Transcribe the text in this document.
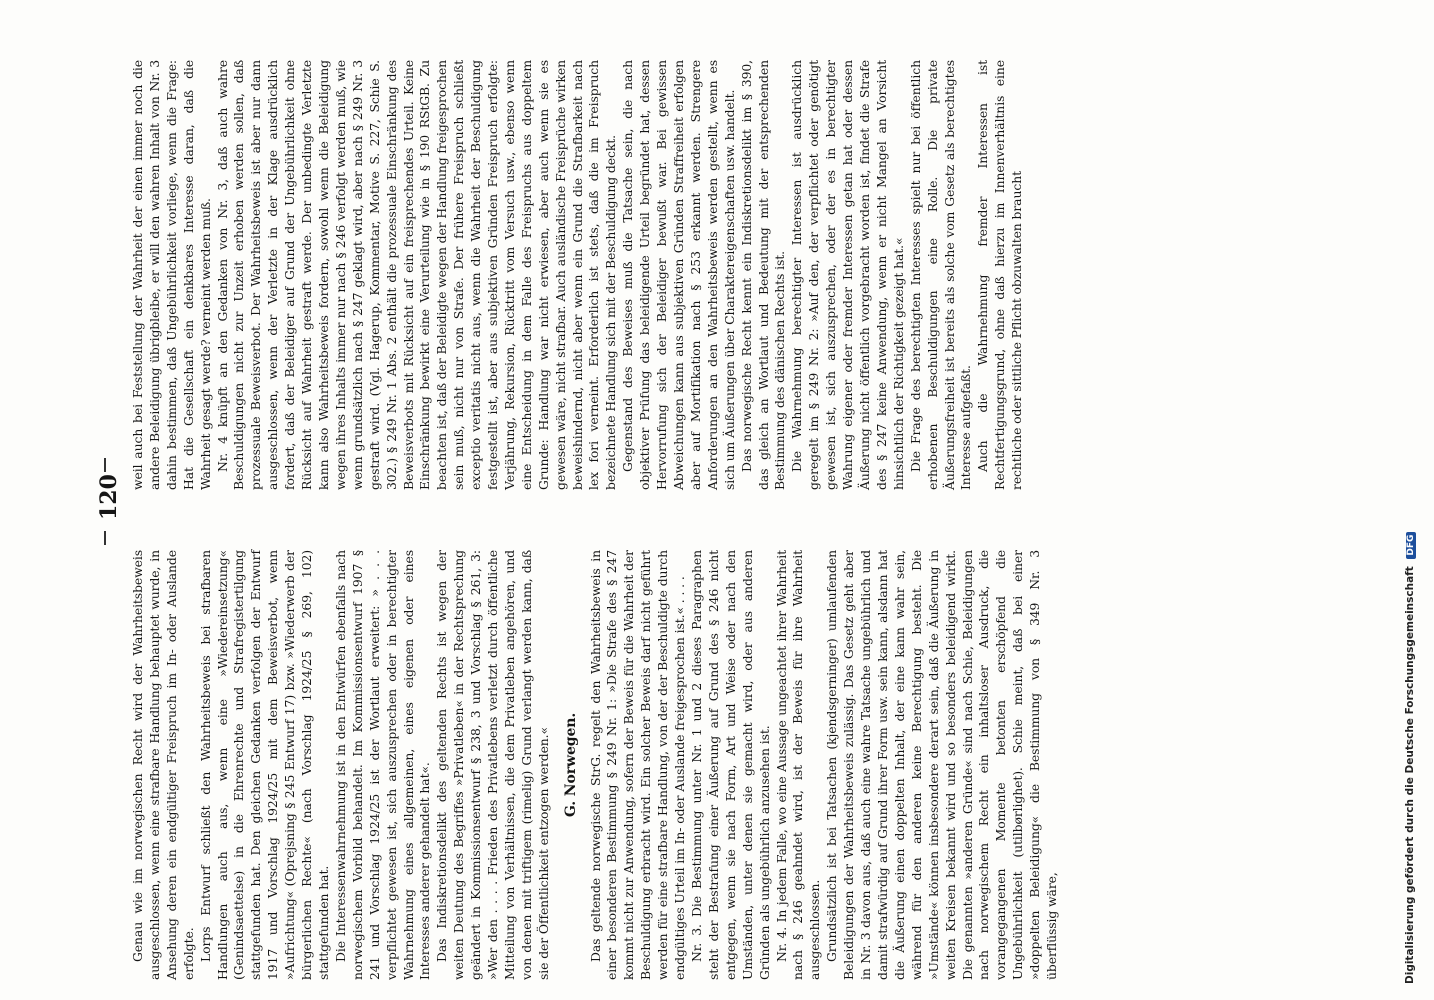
120

Genau wie im norwegischen Recht wird der Wahrheitsbeweis ausgeschlossen, wenn eine strafbare Handlung behauptet wurde, in Ansehung deren ein endgültiger Freispruch im In- oder Auslande erfolgte. Lorps Entwurf schließt den Wahrheitsbeweis bei strafbaren Handlungen auch aus, wenn eine »Wiedereinsetzung« (Genindsaettelse) in die Ehrenrechte und Strafregistertilgung stattgefunden hat. Den gleichen Gedanken verfolgen der Entwurf 1917 und Vorschlag 1924/25 mit dem Beweisverbot, wenn »Aufrichtung« (Oprejsning § 245 Entwurf 17) bzw. »Wiederwerb der bürgerlichen Rechte« (nach Vorschlag 1924/25 § 269, 102) stattgefunden hat. Die Interessenwahrnehmung ist in den Entwürfen ebenfalls nach norwegischem Vorbild behandelt. Im Kommissionsentwurf 1907 § 241 und Vorschlag 1924/25 ist der Wortlaut erweitert: » . . . verpflichtet gewesen ist, sich auszusprechen oder in berechtigter Wahrnehmung eines allgemeinen, eines eigenen oder eines Interesses anderer gehandelt hat«. Das Indiskretionsdelikt des geltenden Rechts ist wegen der weiten Deutung des Begriffes »Privatleben« in der Rechtsprechung geändert in Kommissionsentwurf § 238, 3 und Vorschlag § 261, 3: »Wer den . . . . Frieden des Privatlebens verletzt durch öffentliche Mitteilung von Verhältnissen, die dem Privatleben angehören, und von denen mit triftigem (rimelig) Grund verlangt werden kann, daß sie der Öffentlichkeit entzogen werden.« G. Norwegen. Das geltende norwegische StrG. regelt den Wahrheitsbeweis in einer besonderen Bestimmung § 249 Nr. 1: »Die Strafe des § 247 kommt nicht zur Anwendung, sofern der Beweis für die Wahrheit der Beschuldigung erbracht wird. Ein solcher Beweis darf nicht geführt werden für eine strafbare Handlung, von der der Beschuldigte durch endgültiges Urteil im In- oder Auslande freigesprochen ist.« . . . . Nr. 3. Die Bestimmung unter Nr. 1 und 2 dieses Paragraphen steht der Bestrafung einer Äußerung auf Grund des § 246 nicht entgegen, wenn sie nach Form, Art und Weise oder nach den Umständen, unter denen sie gemacht wird, oder aus anderen Gründen als ungebührlich anzusehen ist. Nr. 4. In jedem Falle, wo eine Aussage ungeachtet ihrer Wahrheit nach § 246 geahndet wird, ist der Beweis für ihre Wahrheit ausgeschlossen. Grundsätzlich ist bei Tatsachen (kjendsgerninger) umlaufenden Beleidigungen der Wahrheitsbeweis zulässig. Das Gesetz geht aber in Nr. 3 davon aus, daß auch eine wahre Tatsache ungebührlich und damit strafwürdig auf Grund ihrer Form usw. sein kann, alsdann hat die Äußerung einen doppelten Inhalt, der eine kann wahr sein, während für den anderen keine Berechtigung besteht. Die »Umstände« können insbesondere derart sein, daß die Äußerung in weiten Kreisen bekannt wird und so besonders beleidigend wirkt. Die genannten »anderen Gründe« sind nach Schie, Beleidigungen nach norwegischem Recht ein inhaltsloser Ausdruck, die vorangegangenen Momente betonten erschöpfend die Ungebührlichkeit (utilbørlighet). Schie meint, daß bei einer »doppelten Beleidigung« die Bestimmung von § 349 Nr. 3 überflüssig wäre,

weil auch bei Feststellung der Wahrheit der einen immer noch die andere Beleidigung übrigbleibe, er will den wahren Inhalt von Nr. 3 dahin bestimmen, daß Ungebührlichkeit vorliege, wenn die Frage: Hat die Gesellschaft ein denkbares Interesse daran, daß die Wahrheit gesagt werde? verneint werden muß. Nr. 4 knüpft an den Gedanken von Nr. 3, daß auch wahre Beschuldigungen nicht zur Unzeit erhoben werden sollen, daß prozessuale Beweisverbot. Der Wahrheitsbeweis ist aber nur dann ausgeschlossen, wenn der Verletzte in der Klage ausdrücklich fordert, daß der Beleidiger auf Grund der Ungebührlichkeit ohne Rücksicht auf Wahrheit gestraft werde. Der unbedingte Verletzte kann also Wahrheitsbeweis fordern, sowohl wenn die Beleidigung wegen ihres Inhalts immer nur nach § 246 verfolgt werden muß, wie wenn grundsätzlich nach § 247 geklagt wird, aber nach § 249 Nr. 3 gestraft wird. (Vgl. Hagerup, Kommentar, Motive S. 227, Schie S. 302.) § 249 Nr. 1 Abs. 2 enthält die prozessuale Einschränkung des Beweisverbots mit Rücksicht auf ein freisprechendes Urteil. Keine Einschränkung bewirkt eine Verurteilung wie in § 190 RStGB. Zu beachten ist, daß der Beleidigte wegen der Handlung freigesprochen sein muß, nicht nur von Strafe. Der frühere Freispruch schließt exceptio veritatis nicht aus, wenn die Wahrheit der Beschuldigung festgestellt ist, aber aus subjektiven Gründen Freispruch erfolgte: Verjährung, Rekursion, Rücktritt vom Versuch usw., ebenso wenn eine Entscheidung in dem Falle des Freispruchs aus doppeltem Grunde: Handlung war nicht erwiesen, aber auch wenn sie es gewesen wäre, nicht strafbar. Auch ausländische Freisprüche wirken beweishindernd, nicht aber wenn ein Grund die Strafbarkeit nach lex fori verneint. Erforderlich ist stets, daß die im Freispruch bezeichnete Handlung sich mit der Beschuldigung deckt. Gegenstand des Beweises muß die Tatsache sein, die nach objektiver Prüfung das beleidigende Urteil begründet hat, dessen Hervorrufung sich der Beleidiger bewußt war. Bei gewissen Abweichungen kann aus subjektiven Gründen Straffreiheit erfolgen aber auf Mortifikation nach § 253 erkannt werden. Strengere Anforderungen an den Wahrheitsbeweis werden gestellt, wenn es sich um Äußerungen über Charaktereigenschaften usw. handelt. Das norwegische Recht kennt ein Indiskretionsdelikt im § 390, das gleich an Wortlaut und Bedeutung mit der entsprechenden Bestimmung des dänischen Rechts ist. Die Wahrnehmung berechtigter Interessen ist ausdrücklich geregelt im § 249 Nr. 2: »Auf den, der verpflichtet oder genötigt gewesen ist, sich auszusprechen, oder der es in berechtigter Wahrung eigener oder fremder Interessen getan hat oder dessen Äußerung nicht öffentlich vorgebracht worden ist, findet die Strafe des § 247 keine Anwendung, wenn er nicht Mangel an Vorsicht hinsichtlich der Richtigkeit gezeigt hat.« Die Frage des berechtigten Interesses spielt nur bei öffentlich erhobenen Beschuldigungen eine Rolle. Die private Äußerungsfreiheit ist bereits als solche vom Gesetz als berechtigtes Interesse aufgefaßt. Auch die Wahrnehmung fremder Interessen ist Rechtfertigungsgrund, ohne daß hierzu im Innenverhältnis eine rechtliche oder sittliche Pflicht obzuwalten braucht

Digitalisierung gefördert durch die Deutsche Forschungsgemeinschaft DFG
